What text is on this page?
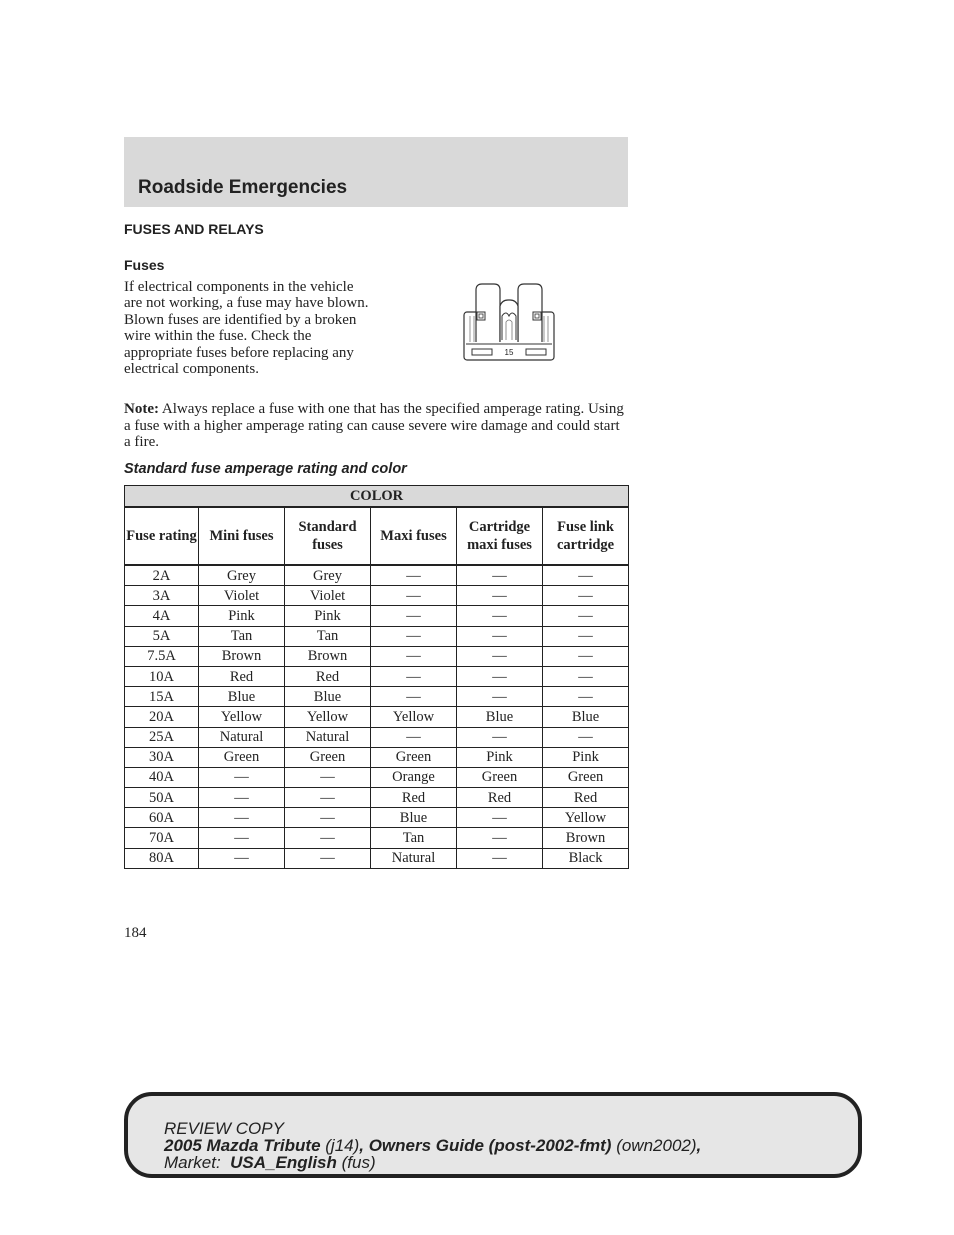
Roadside Emergencies
FUSES AND RELAYS
Fuses

If electrical components in the vehicle are not working, a fuse may have blown. Blown fuses are identified by a broken wire within the fuse. Check the appropriate fuses before replacing any electrical components.

15

Note: Always replace a fuse with one that has the specified amperage rating. Using a fuse with a higher amperage rating can cause severe wire damage and could start a fire.

Standard fuse amperage rating and color
COLOR					
Fuse rating	Mini fuses	Standard fuses	Maxi fuses	Cartridge maxi fuses	Fuse link cartridge
2A	Grey	Grey	—	—	—
3A	Violet	Violet	—	—	—
4A	Pink	Pink	—	—	—
5A	Tan	Tan	—	—	—
7.5A	Brown	Brown	—	—	—
10A	Red	Red	—	—	—
15A	Blue	Blue	—	—	—
20A	Yellow	Yellow	Yellow	Blue	Blue
25A	Natural	Natural	—	—	—
30A	Green	Green	Green	Pink	Pink
40A	—	—	Orange	Green	Green
50A	—	—	Red	Red	Red
60A	—	—	Blue	—	Yellow
70A	—	—	Tan	—	Brown
80A	—	—	Natural	—	Black
184
REVIEW COPY
2005 Mazda Tribute (j14), Owners Guide (post-2002-fmt) (own2002),
Market: USA_English (fus)
